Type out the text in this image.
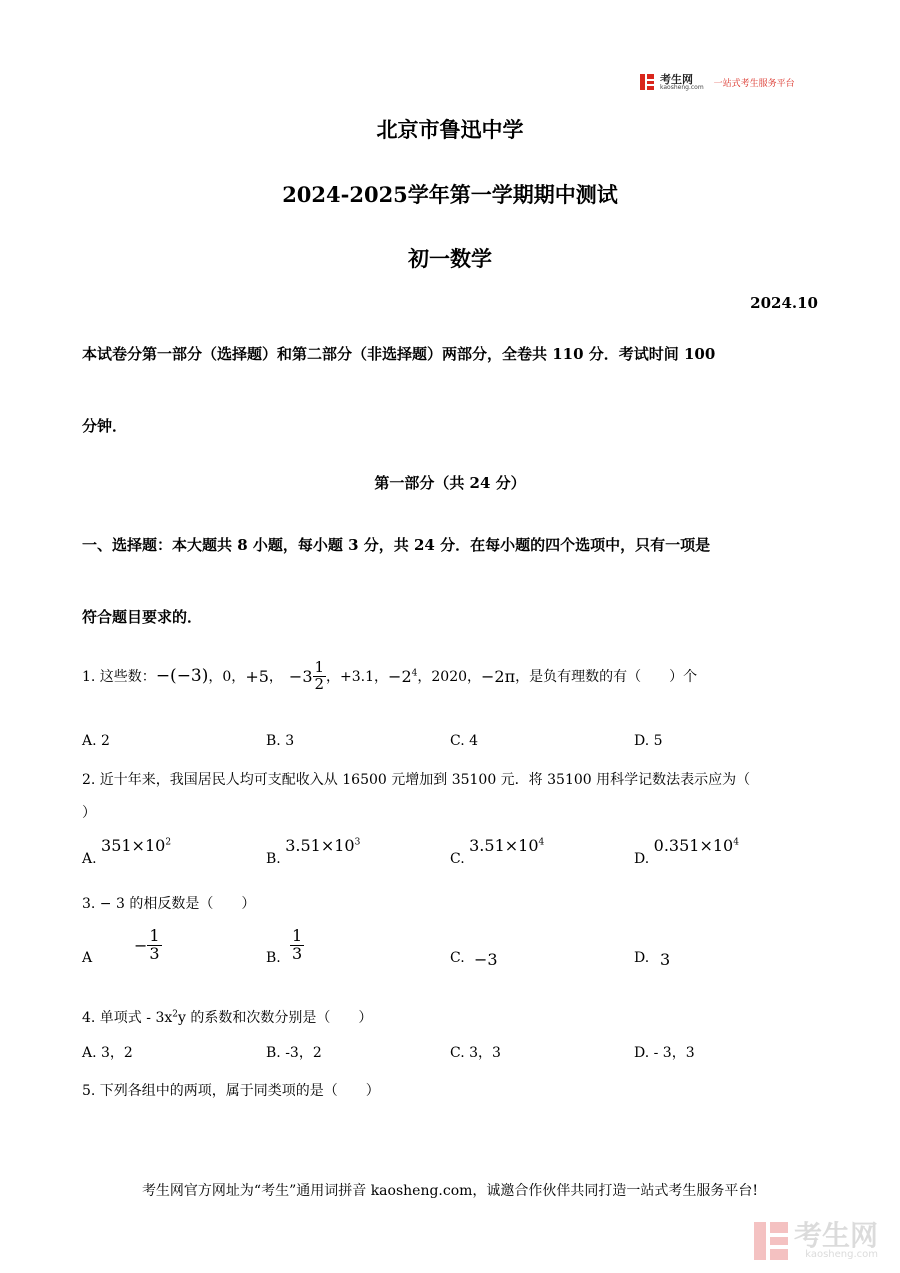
考生网
kaosheng.com 一站式考生服务平台
北京市鲁迅中学
2024-2025学年第一学期期中测试
初一数学
2024.10
本试卷分第一部分（选择题）和第二部分（非选择题）两部分，全卷共 110 分．考试时间 100
分钟．
第一部分（共 24 分）
一、选择题：本大题共 8 小题，每小题 3 分，共 24 分．在每小题的四个选项中，只有一项是
符合题目要求的．
1. 这些数： −(−3) ，0， +5 ， $-3 \frac{1}{2}$ ，+3.1， $-2^4$ ，2020， −2π ，是负有理数的有（　　）个
A. 2	B. 3	C. 4	D. 5
2. 近十年来，我国居民人均可支配收入从 16500 元增加到 35100 元．将 35100 用科学记数法表示应为（
）
A. $351\times 10^2$
B. $3.51\times 10^3$
C. $3.51\times 10^4$
D. $0.351\times 10^4$
3. − 3 的相反数是（　　）
A
− $\frac{1}{3}$	B. $\frac{1}{3}$	C. −3	D. 3
4. 单项式 - $3x^2y$ 的系数和次数分别是（　　）
A. 3，2	B. -3，2	C. 3，3	D. - 3，3
5. 下列各组中的两项，属于同类项的是（　　）
考生网官方网址为“考生”通用词拼音 kaosheng.com，诚邀合作伙伴共同打造一站式考生服务平台!
考生网
kaosheng.com
